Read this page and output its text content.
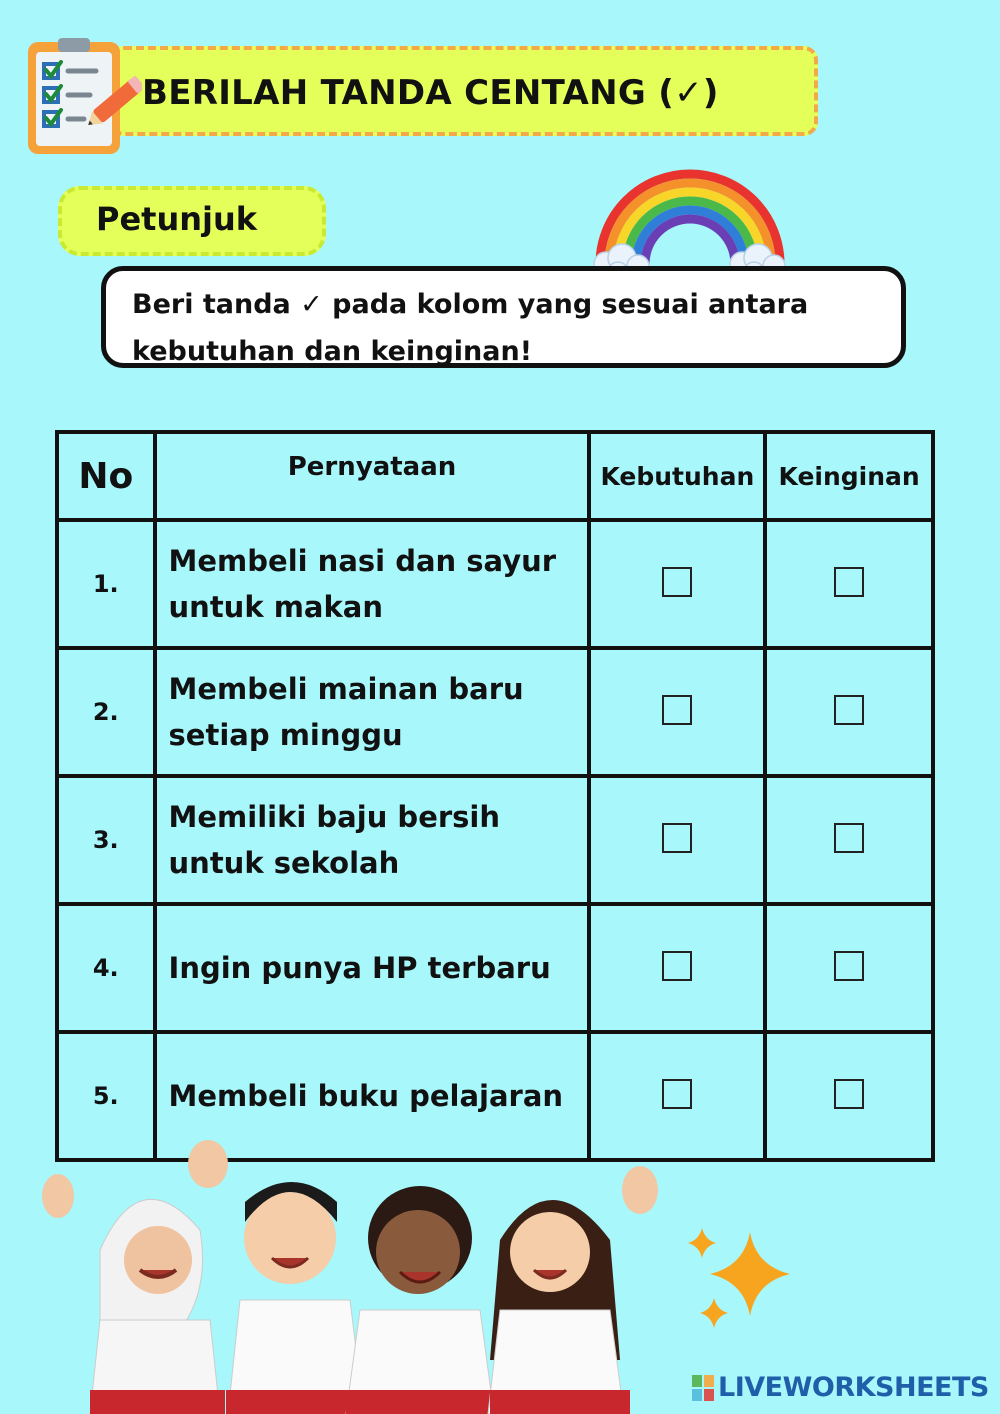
BERILAH TANDA CENTANG (✓)
Petunjuk
Beri tanda ✓ pada kolom yang sesuai antara
kebutuhan dan keinginan!
No	Pernyataan	Kebutuhan	Keinginan
1.	Membeli nasi dan sayur
untuk makan		

2.	Membeli mainan baru
setiap minggu		

3.	Memiliki baju bersih
untuk sekolah		

4.	Ingin punya HP terbaru		

5.	Membeli buku pelajaran		

LIVEWORKSHEETS
